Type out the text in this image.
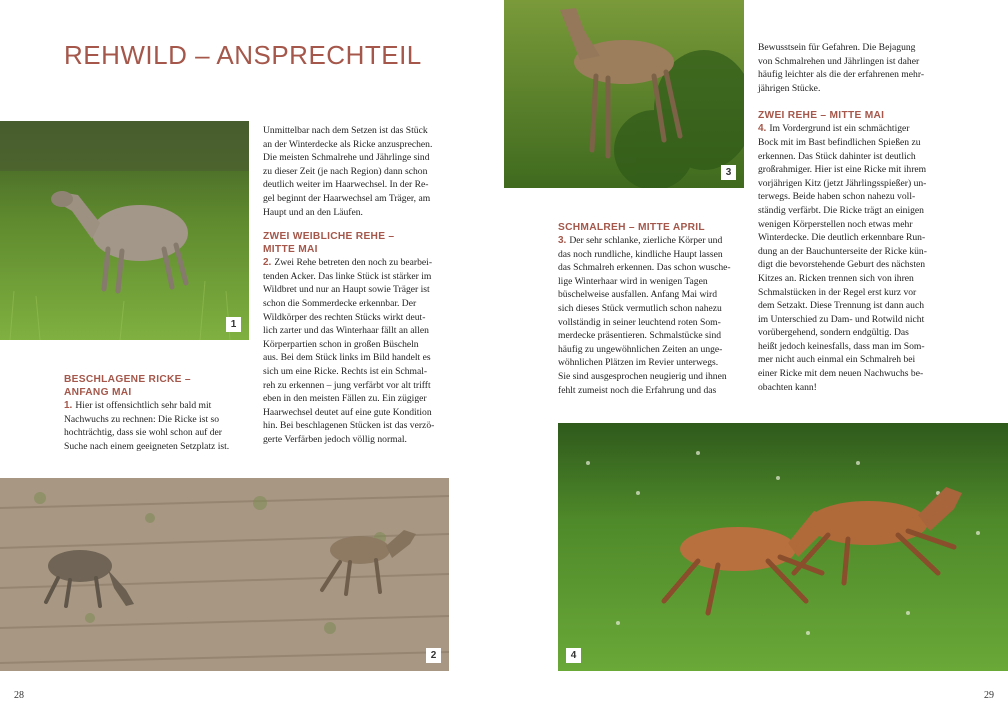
REHWILD – ANSPRECHTEIL
1
2
3
4

BESCHLAGENE RICKE –

ANFANG MAI

1. Hier ist offensichtlich sehr bald mit

Nachwuchs zu rechnen: Die Ricke ist so

hochträchtig, dass sie wohl schon auf der

Suche nach einem geeigneten Setzplatz ist.

Unmittelbar nach dem Setzen ist das Stück

an der Winterdecke als Ricke anzusprechen.

Die meisten Schmalrehe und Jährlinge sind

zu dieser Zeit (je nach Region) dann schon

deutlich weiter im Haarwechsel. In der Re-

gel beginnt der Haarwechsel am Träger, am

Haupt und an den Läufen.

ZWEI WEIBLICHE REHE –

MITTE MAI

2. Zwei Rehe betreten den noch zu bearbei-

tenden Acker. Das linke Stück ist stärker im

Wildbret und nur an Haupt sowie Träger ist

schon die Sommerdecke erkennbar. Der

Wildkörper des rechten Stücks wirkt deut-

lich zarter und das Winterhaar fällt an allen

Körperpartien schon in großen Büscheln

aus. Bei dem Stück links im Bild handelt es

sich um eine Ricke. Rechts ist ein Schmal-

reh zu erkennen – jung verfärbt vor alt trifft

eben in den meisten Fällen zu. Ein zügiger

Haarwechsel deutet auf eine gute Kondition

hin. Bei beschlagenen Stücken ist das verzö-

gerte Verfärben jedoch völlig normal.

SCHMALREH – MITTE APRIL

3. Der sehr schlanke, zierliche Körper und

das noch rundliche, kindliche Haupt lassen

das Schmalreh erkennen. Das schon wusche-

lige Winterhaar wird in wenigen Tagen

büschelweise ausfallen. Anfang Mai wird

sich dieses Stück vermutlich schon nahezu

vollständig in seiner leuchtend roten Som-

merdecke präsentieren. Schmalstücke sind

häufig zu ungewöhnlichen Zeiten an unge-

wöhnlichen Plätzen im Revier unterwegs.

Sie sind ausgesprochen neugierig und ihnen

fehlt zumeist noch die Erfahrung und das

Bewusstsein für Gefahren. Die Bejagung

von Schmalrehen und Jährlingen ist daher

häufig leichter als die der erfahrenen mehr-

jährigen Stücke.

ZWEI REHE – MITTE MAI

4. Im Vordergrund ist ein schmächtiger

Bock mit im Bast befindlichen Spießen zu

erkennen. Das Stück dahinter ist deutlich

großrahmiger. Hier ist eine Ricke mit ihrem

vorjährigen Kitz (jetzt Jährlingsspießer) un-

terwegs. Beide haben schon nahezu voll-

ständig verfärbt. Die Ricke trägt an einigen

wenigen Körperstellen noch etwas mehr

Winterdecke. Die deutlich erkennbare Run-

dung an der Bauchunterseite der Ricke kün-

digt die bevorstehende Geburt des nächsten

Kitzes an. Ricken trennen sich von ihren

Schmalstücken in der Regel erst kurz vor

dem Setzakt. Diese Trennung ist dann auch

im Unterschied zu Dam- und Rotwild nicht

vorübergehend, sondern endgültig. Das

heißt jedoch keinesfalls, dass man im Som-

mer nicht auch einmal ein Schmalreh bei

einer Ricke mit dem neuen Nachwuchs be-

obachten kann!

28	29
